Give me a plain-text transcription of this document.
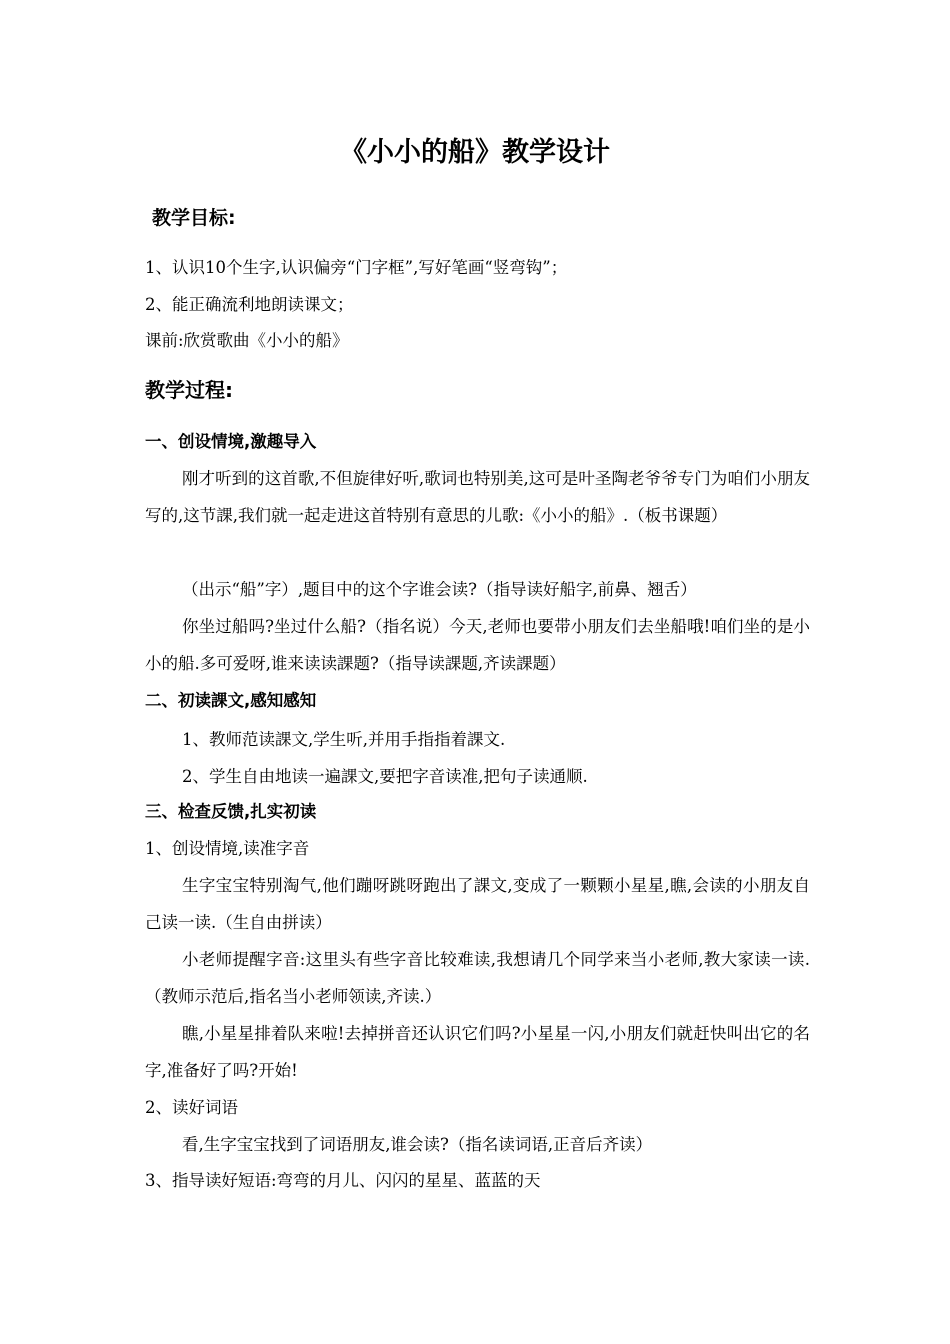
《小小的船》教学设计
教学目标:
1、认识10个生字,认识偏旁“门字框”,写好笔画“竖弯钩”；
2、能正确流利地朗读课文；
课前:欣赏歌曲《小小的船》
教学过程:
一、创设情境,激趣导入
刚才听到的这首歌,不但旋律好听,歌词也特别美,这可是叶圣陶老爷爷专门为咱们小朋友写的,这节課,我们就一起走进这首特别有意思的儿歌:《小小的船》.（板书课题）
（出示“船”字）,题目中的这个字谁会读?（指导读好船字,前鼻、翘舌）
你坐过船吗?坐过什么船?（指名说）今天,老师也要带小朋友们去坐船哦!咱们坐的是小小的船.多可爱呀,谁来读读課题?（指导读課题,齐读課题）
二、初读課文,感知感知
1、教师范读課文,学生听,并用手指指着課文.
2、学生自由地读一遍課文,要把字音读准,把句子读通顺.
三、检查反馈,扎实初读
1、创设情境,读准字音
生字宝宝特别淘气,他们蹦呀跳呀跑出了課文,变成了一颗颗小星星,瞧,会读的小朋友自己读一读.（生自由拼读）
小老师提醒字音:这里头有些字音比较难读,我想请几个同学来当小老师,教大家读一读.（教师示范后,指名当小老师领读,齐读.）
瞧,小星星排着队来啦!去掉拼音还认识它们吗?小星星一闪,小朋友们就赶快叫出它的名字,准备好了吗?开始!
2、读好词语
看,生字宝宝找到了词语朋友,谁会读?（指名读词语,正音后齐读）
3、指导读好短语:弯弯的月儿、闪闪的星星、蓝蓝的天
